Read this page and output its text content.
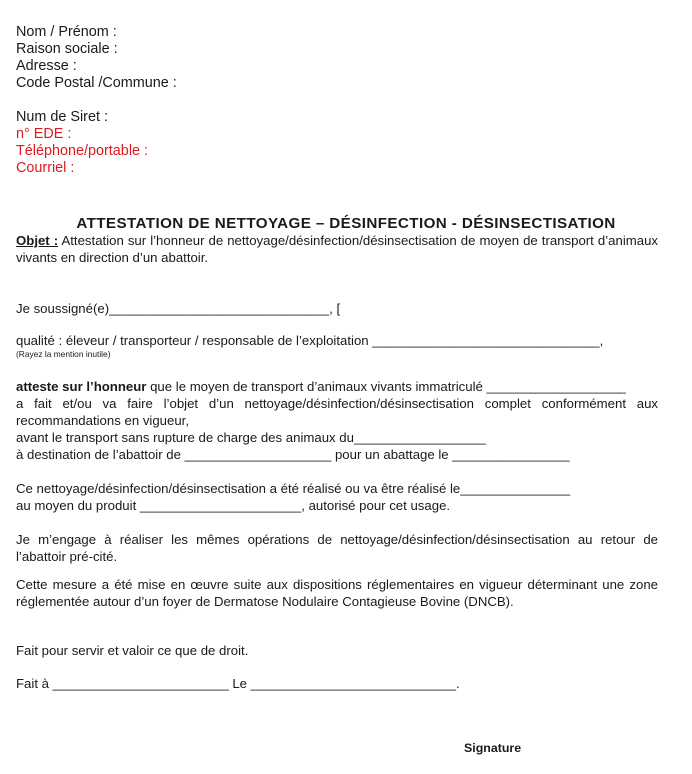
Nom / Prénom :
Raison sociale :
Adresse :
Code Postal /Commune :
Num de Siret :
n° EDE :
Téléphone/portable :
Courriel :
ATTESTATION DE NETTOYAGE – DÉSINFECTION - DÉSINSECTISATION

Objet : Attestation sur l’honneur de nettoyage/désinfection/désinsectisation de moyen de transport d’animaux vivants en direction d’un abattoir.

Je soussigné(e)______________________________, [

qualité : éleveur / transporteur / responsable de l’exploitation _______________________________,

(Rayez la mention inutile)

atteste sur l’honneur que le moyen de transport d’animaux vivants immatriculé ___________________

a fait et/ou va faire l’objet d’un nettoyage/désinfection/désinsectisation complet conformément aux recommandations en vigueur,

avant le transport sans rupture de charge des animaux du__________________

à destination de l’abattoir de ____________________ pour un abattage le ________________

Ce nettoyage/désinfection/désinsectisation a été réalisé ou va être réalisé le_______________

au moyen du produit ______________________, autorisé pour cet usage.

Je m’engage à réaliser les mêmes opérations de nettoyage/désinfection/désinsectisation au retour de l’abattoir pré-cité.

Cette mesure a été mise en œuvre suite aux dispositions réglementaires en vigueur déterminant une zone réglementée autour d’un foyer de Dermatose Nodulaire Contagieuse Bovine (DNCB).

Fait pour servir et valoir ce que de droit.

Fait à ________________________ Le ____________________________.

Signature
